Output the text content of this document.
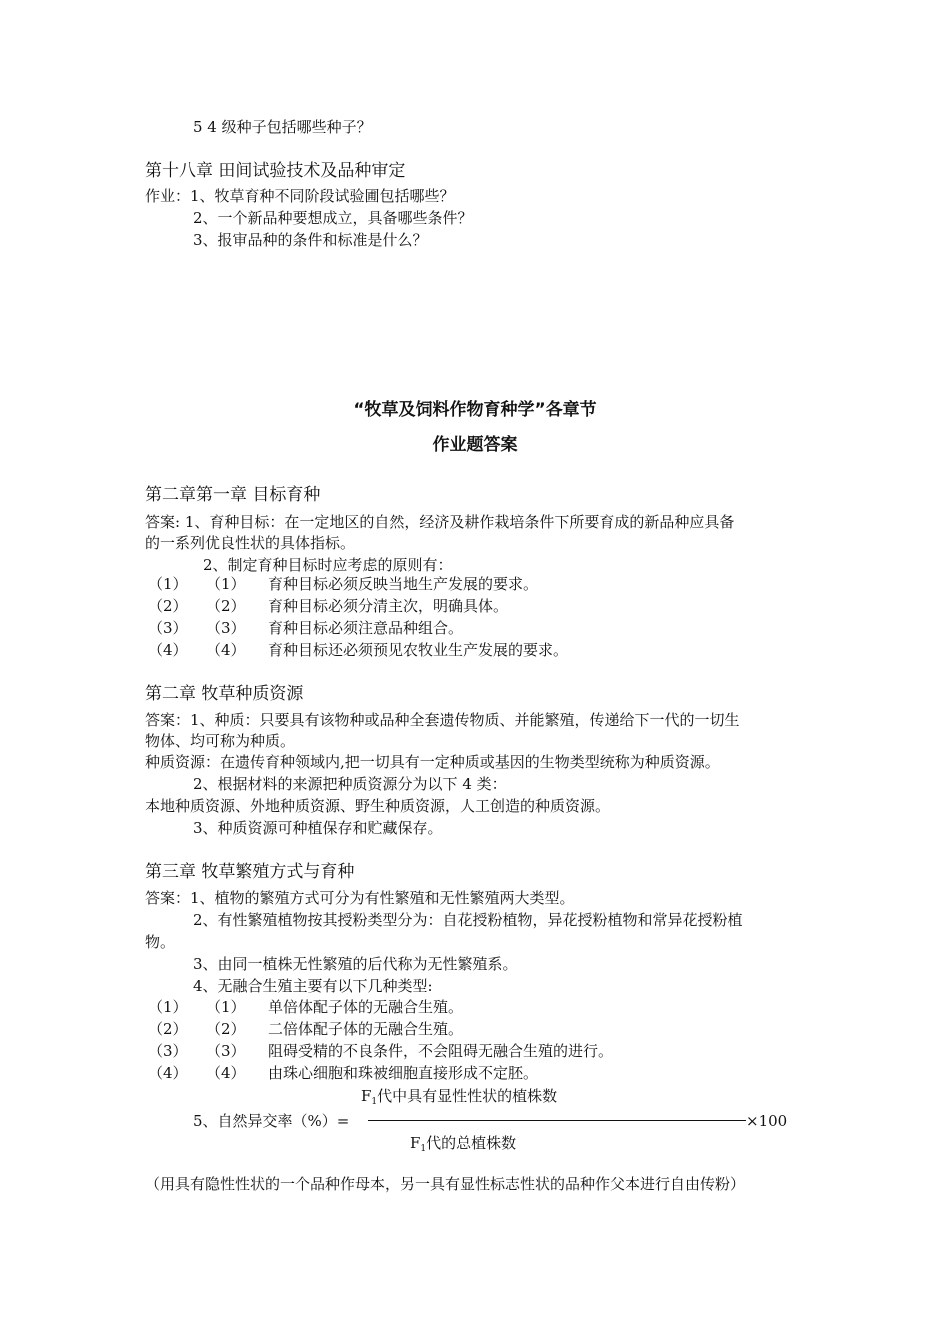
5 4 级种子包括哪些种子？
第十八章 田间试验技术及品种审定
作业：1、牧草育种不同阶段试验圃包括哪些？
2、一个新品种要想成立，具备哪些条件？
3、报审品种的条件和标准是什么？
“牧草及饲料作物育种学”各章节
作业题答案
第二章第一章 目标育种
答案: 1、育种目标：在一定地区的自然，经济及耕作栽培条件下所要育成的新品种应具备
的一系列优良性状的具体指标。
2、制定育种目标时应考虑的原则有：
（1） （1） 育种目标必须反映当地生产发展的要求。
（2） （2） 育种目标必须分清主次，明确具体。
（3） （3） 育种目标必须注意品种组合。
（4） （4） 育种目标还必须预见农牧业生产发展的要求。
第二章 牧草种质资源
答案：1、种质：只要具有该物种或品种全套遗传物质、并能繁殖，传递给下一代的一切生
物体、均可称为种质。
种质资源：在遗传育种领域内,把一切具有一定种质或基因的生物类型统称为种质资源。
2、根据材料的来源把种质资源分为以下 4 类：
本地种质资源、外地种质资源、野生种质资源，人工创造的种质资源。
3、种质资源可种植保存和贮藏保存。
第三章 牧草繁殖方式与育种
答案：1、植物的繁殖方式可分为有性繁殖和无性繁殖两大类型。
2、有性繁殖植物按其授粉类型分为：自花授粉植物，异花授粉植物和常异花授粉植
物。
3、由同一植株无性繁殖的后代称为无性繁殖系。
4、无融合生殖主要有以下几种类型:
（1） （1） 单倍体配子体的无融合生殖。
（2） （2） 二倍体配子体的无融合生殖。
（3） （3） 阻碍受精的不良条件，不会阻碍无融合生殖的进行。
（4） （4） 由珠心细胞和珠被细胞直接形成不定胚。
$F_1$代中具有显性性状的植株数
5、自然异交率（%）=	×100
$F_1$代的总植株数
（用具有隐性性状的一个品种作母本，另一具有显性标志性状的品种作父本进行自由传粉）
